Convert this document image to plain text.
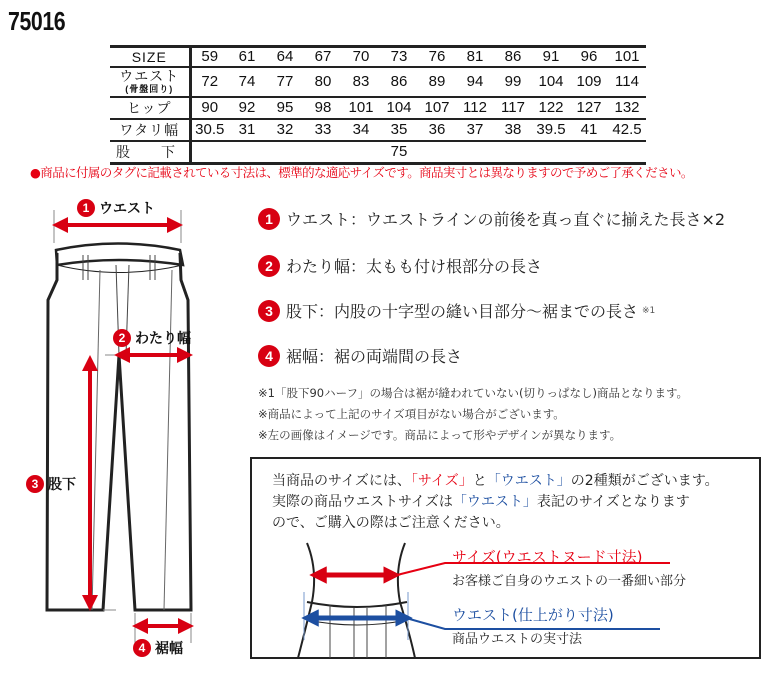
75016
SIZE	59	61	64	67	70	73	76	81	86	91	96	101

ウエスト
(骨盤回り)	72	74	77	80	83	86	89	94	99	104	109	114
ヒップ	90	92	95	98	101	104	107	112	117	122	127	132
ワタリ幅	30.5	31	32	33	34	35	36	37	38	39.5	41	42.5
股　　下						75						
●商品に付属のタグに記載されている寸法は、標準的な適応サイズです。商品実寸とは異なりますので予めご了承ください。
1 ウエスト
2 わたり幅
3 股下
4 裾幅
1 ウエスト：ウエストラインの前後を真っ直ぐに揃えた長さ×2
2 わたり幅：太もも付け根部分の長さ
3 股下：内股の十字型の縫い目部分〜裾までの長さ ※1
4 裾幅：裾の両端間の長さ
※1「股下90ハーフ」の場合は裾が縫われていない(切りっぱなし)商品となります。
※商品によって上記のサイズ項目がない場合がございます。
※左の画像はイメージです。商品によって形やデザインが異なります。
当商品のサイズには、「サイズ」と「ウエスト」の2種類がございます。
実際の商品ウエストサイズは「ウエスト」表記のサイズとなります
ので、ご購入の際はご注意ください。
サイズ(ウエストヌード寸法)
お客様ご自身のウエストの一番細い部分
ウエスト(仕上がり寸法)
商品ウエストの実寸法
